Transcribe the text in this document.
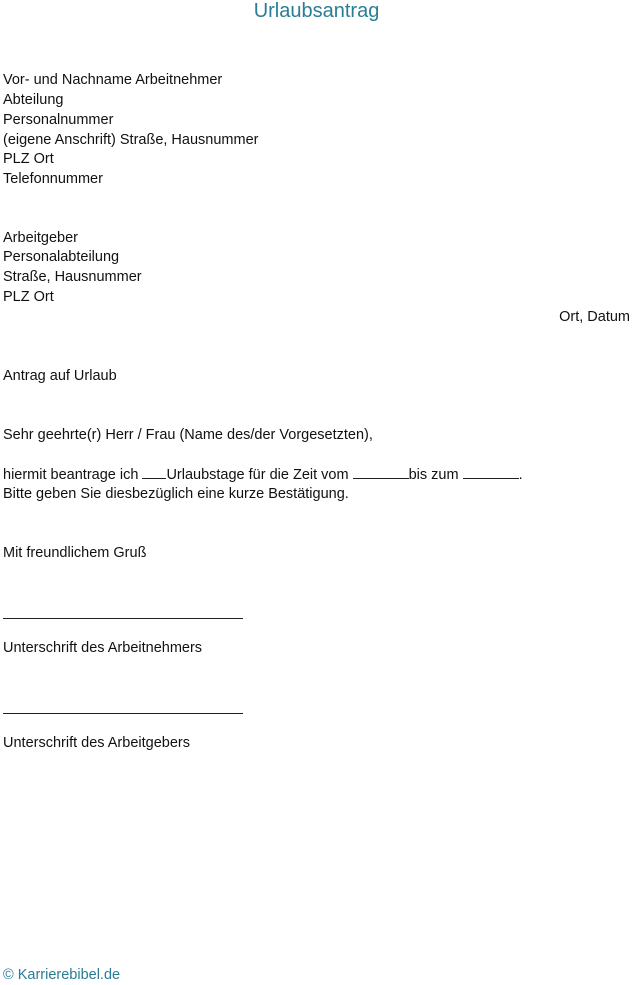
Urlaubsantrag
Vor- und Nachname Arbeitnehmer
Abteilung
Personalnummer
(eigene Anschrift) Straße, Hausnummer
PLZ Ort
Telefonnummer
Arbeitgeber
Personalabteilung
Straße, Hausnummer
PLZ Ort
Ort, Datum
Antrag auf Urlaub
Sehr geehrte(r) Herr / Frau (Name des/der Vorgesetzten),
hiermit beantrage ich Urlaubstage für die Zeit vom	bis zum	.
Bitte geben Sie diesbezüglich eine kurze Bestätigung.
Mit freundlichem Gruß
Unterschrift des Arbeitnehmers
Unterschrift des Arbeitgebers
© Karrierebibel.de
